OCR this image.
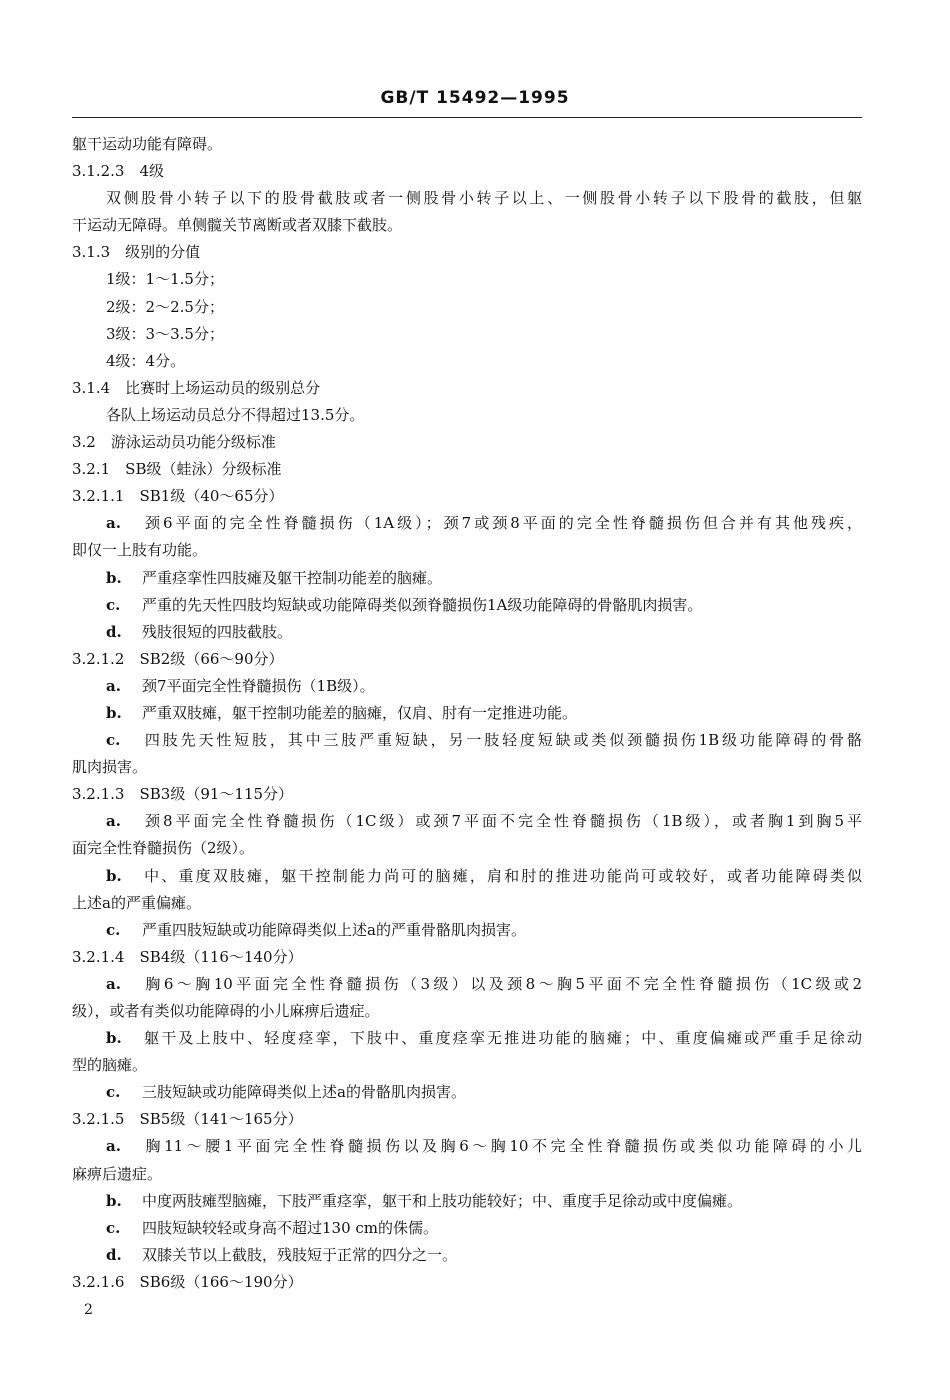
GB/T 15492—1995
躯干运动功能有障碍。
3.1.2.3　4级
双侧股骨小转子以下的股骨截肢或者一侧股骨小转子以上、一侧股骨小转子以下股骨的截肢，但躯
干运动无障碍。单侧髋关节离断或者双膝下截肢。
3.1.3　级别的分值
1级：1～1.5分；
2级：2～2.5分；
3级：3～3.5分；
4级：4分。
3.1.4　比赛时上场运动员的级别总分
各队上场运动员总分不得超过13.5分。
3.2　游泳运动员功能分级标准
3.2.1　SB级（蛙泳）分级标准
3.2.1.1　SB1级（40～65分）
a. 颈6平面的完全性脊髓损伤（1A级）；颈7或颈8平面的完全性脊髓损伤但合并有其他残疾，
即仅一上肢有功能。
b. 严重痉挛性四肢瘫及躯干控制功能差的脑瘫。
c. 严重的先天性四肢均短缺或功能障碍类似颈脊髓损伤1A级功能障碍的骨骼肌肉损害。
d. 残肢很短的四肢截肢。
3.2.1.2　SB2级（66～90分）
a. 颈7平面完全性脊髓损伤（1B级）。
b. 严重双肢瘫，躯干控制功能差的脑瘫，仅肩、肘有一定推进功能。
c. 四肢先天性短肢，其中三肢严重短缺，另一肢轻度短缺或类似颈髓损伤1B级功能障碍的骨骼
肌肉损害。
3.2.1.3　SB3级（91～115分）
a. 颈8平面完全性脊髓损伤（1C级）或颈7平面不完全性脊髓损伤（1B级），或者胸1到胸5平
面完全性脊髓损伤（2级）。
b. 中、重度双肢瘫，躯干控制能力尚可的脑瘫，肩和肘的推进功能尚可或较好，或者功能障碍类似
上述a的严重偏瘫。
c. 严重四肢短缺或功能障碍类似上述a的严重骨骼肌肉损害。
3.2.1.4　SB4级（116～140分）
a. 胸6～胸10平面完全性脊髓损伤（3级）以及颈8～胸5平面不完全性脊髓损伤（1C级或2
级），或者有类似功能障碍的小儿麻痹后遗症。
b. 躯干及上肢中、轻度痉挛，下肢中、重度痉挛无推进功能的脑瘫；中、重度偏瘫或严重手足徐动
型的脑瘫。
c. 三肢短缺或功能障碍类似上述a的骨骼肌肉损害。
3.2.1.5　SB5级（141～165分）
a. 胸11～腰1平面完全性脊髓损伤以及胸6～胸10不完全性脊髓损伤或类似功能障碍的小儿
麻痹后遗症。
b. 中度两肢瘫型脑瘫，下肢严重痉挛，躯干和上肢功能较好；中、重度手足徐动或中度偏瘫。
c. 四肢短缺较轻或身高不超过130 cm的侏儒。
d. 双膝关节以上截肢，残肢短于正常的四分之一。
3.2.1.6　SB6级（166～190分）
2
